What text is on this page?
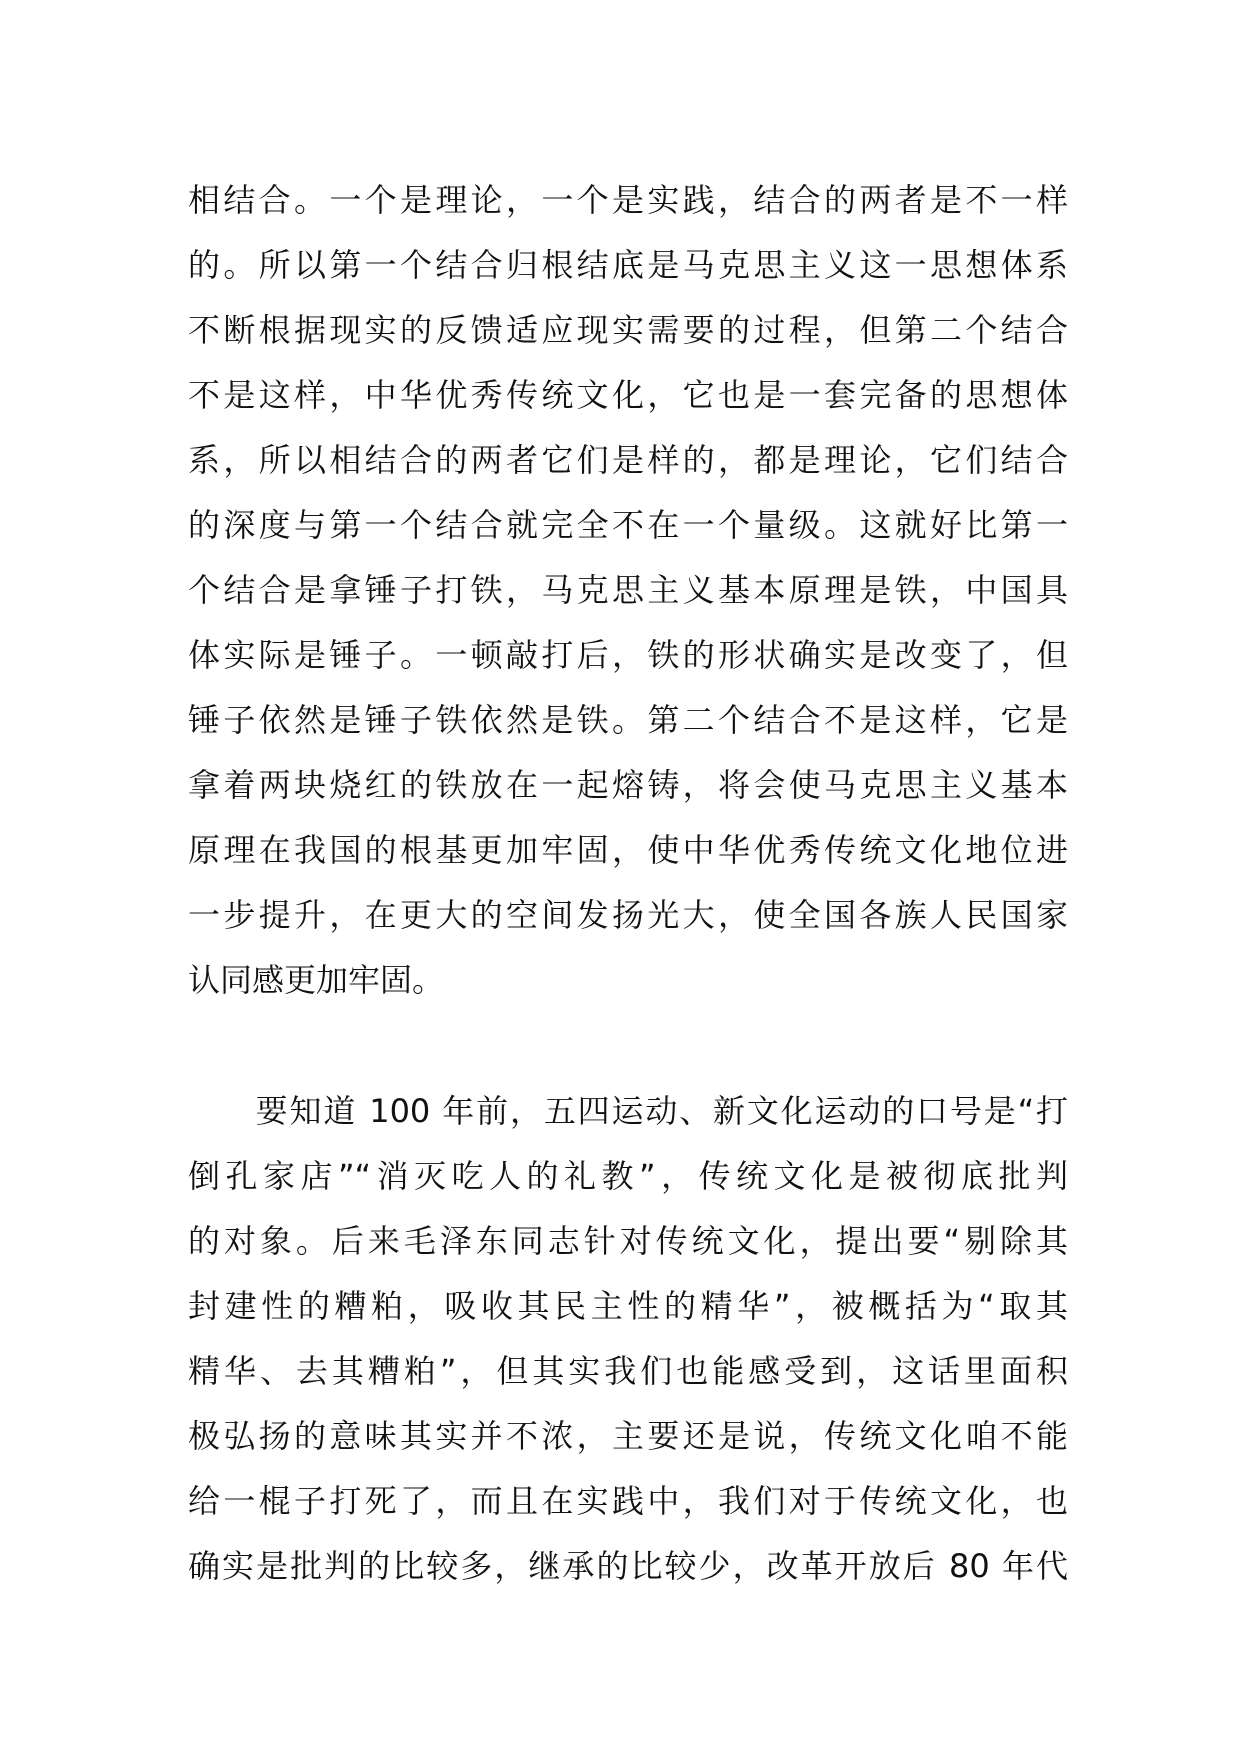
相结合。一个是理论，一个是实践，结合的两者是不一样
的。所以第一个结合归根结底是马克思主义这一思想体系
不断根据现实的反馈适应现实需要的过程，但第二个结合
不是这样，中华优秀传统文化，它也是一套完备的思想体
系，所以相结合的两者它们是样的，都是理论，它们结合
的深度与第一个结合就完全不在一个量级。这就好比第一
个结合是拿锤子打铁，马克思主义基本原理是铁，中国具
体实际是锤子。一顿敲打后，铁的形状确实是改变了，但
锤子依然是锤子铁依然是铁。第二个结合不是这样，它是
拿着两块烧红的铁放在一起熔铸，将会使马克思主义基本
原理在我国的根基更加牢固，使中华优秀传统文化地位进
一步提升，在更大的空间发扬光大，使全国各族人民国家
认同感更加牢固。
　　要知道 100 年前，五四运动、新文化运动的口号是“打
倒孔家店”“消灭吃人的礼教”，传统文化是被彻底批判
的对象。后来毛泽东同志针对传统文化，提出要“剔除其
封建性的糟粕，吸收其民主性的精华”，被概括为“取其
精华、去其糟粕”，但其实我们也能感受到，这话里面积
极弘扬的意味其实并不浓，主要还是说，传统文化咱不能
给一棍子打死了，而且在实践中，我们对于传统文化，也
确实是批判的比较多，继承的比较少，改革开放后 80 年代
